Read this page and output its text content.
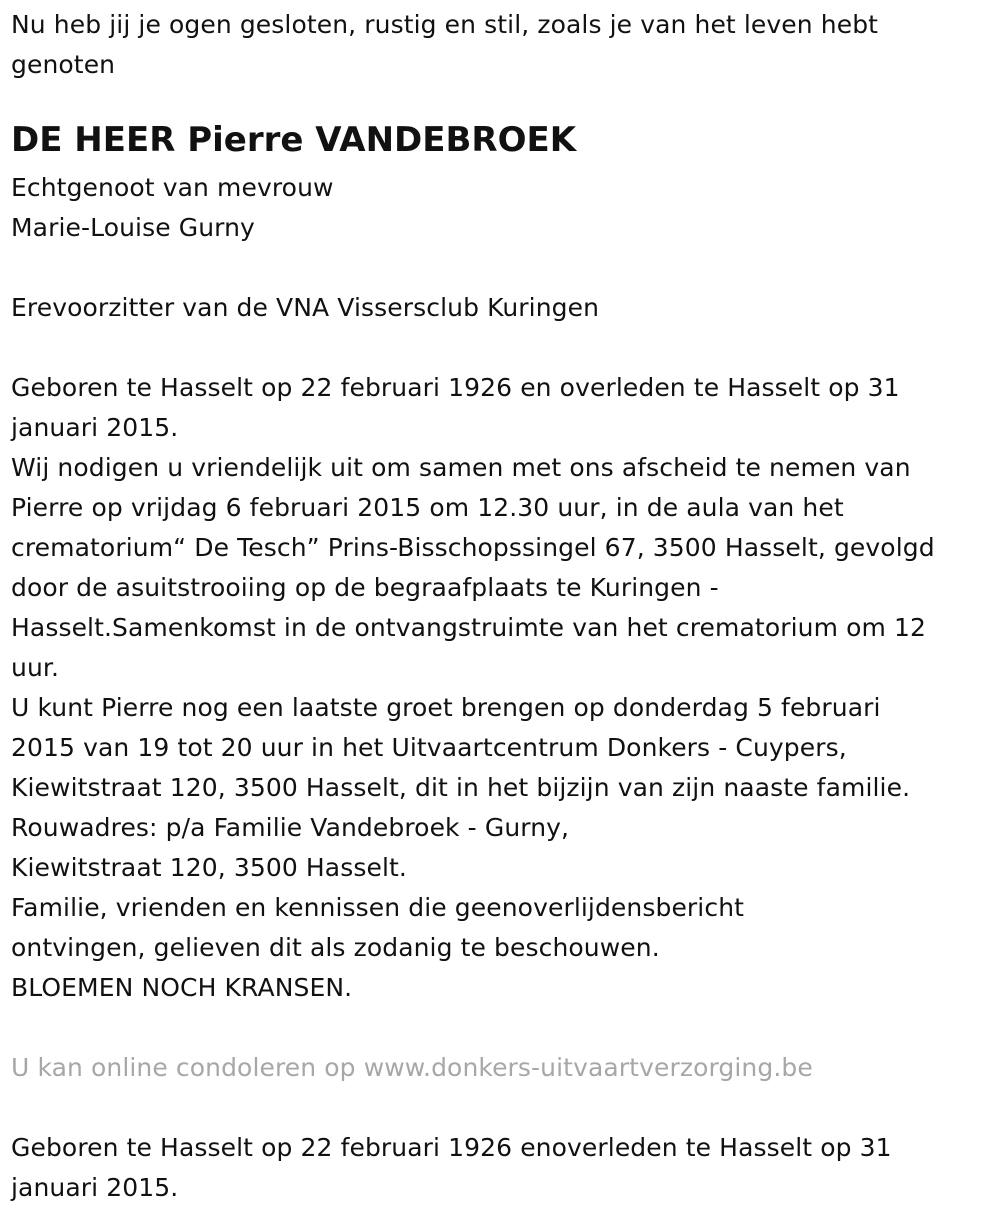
Nu heb jij je ogen gesloten, rustig en stil, zoals je van het leven hebt
genoten
DE HEER Pierre VANDEBROEK
Echtgenoot van mevrouw
Marie-Louise Gurny
Erevoorzitter van de VNA Vissersclub Kuringen
Geboren te Hasselt op 22 februari 1926 en overleden te Hasselt op 31
januari 2015.
Wij nodigen u vriendelijk uit om samen met ons afscheid te nemen van
Pierre op vrijdag 6 februari 2015 om 12.30 uur, in de aula van het
crematorium“ De Tesch” Prins-Bisschopssingel 67, 3500 Hasselt, gevolgd
door de asuitstrooiing op de begraafplaats te Kuringen -
Hasselt.Samenkomst in de ontvangstruimte van het crematorium om 12
uur.
U kunt Pierre nog een laatste groet brengen op donderdag 5 februari
2015 van 19 tot 20 uur in het Uitvaartcentrum Donkers - Cuypers,
Kiewitstraat 120, 3500 Hasselt, dit in het bijzijn van zijn naaste familie.
Rouwadres: p/a Familie Vandebroek - Gurny,
Kiewitstraat 120, 3500 Hasselt.
Familie, vrienden en kennissen die geenoverlijdensbericht
ontvingen, gelieven dit als zodanig te beschouwen.
BLOEMEN NOCH KRANSEN.
U kan online condoleren op www.donkers-uitvaartverzorging.be
Geboren te Hasselt op 22 februari 1926 enoverleden te Hasselt op 31
januari 2015.
